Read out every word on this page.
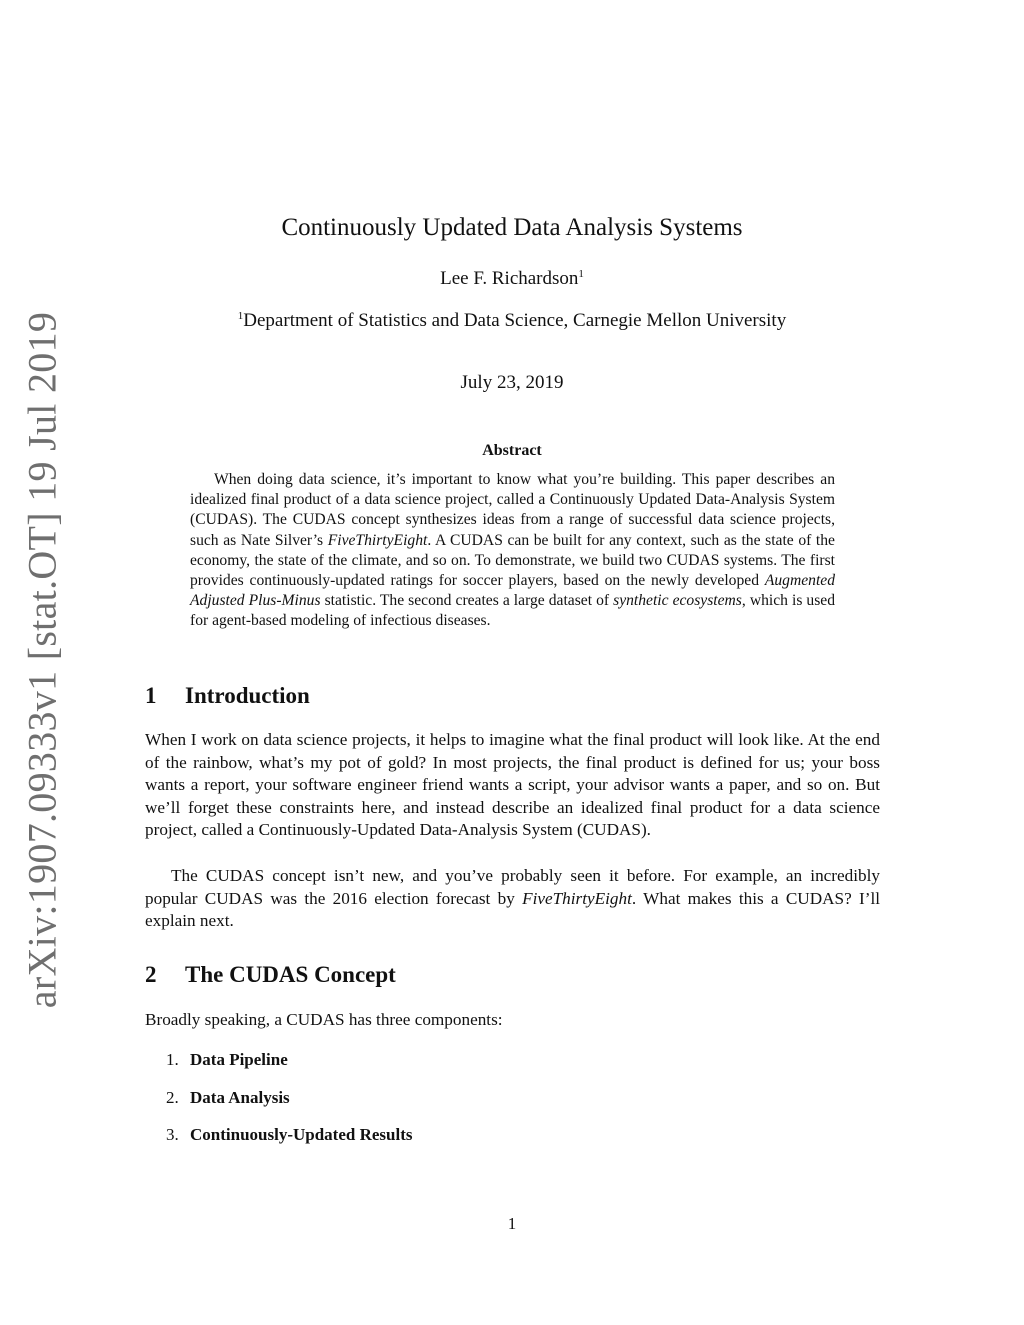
arXiv:1907.09333v1 [stat.OT] 19 Jul 2019
Continuously Updated Data Analysis Systems
Lee F. Richardson$^1$
$^1$Department of Statistics and Data Science, Carnegie Mellon University
July 23, 2019
Abstract
When doing data science, it’s important to know what you’re building. This paper describes an idealized final product of a data science project, called a Continuously Updated Data-Analysis System (CUDAS). The CUDAS concept synthesizes ideas from a range of successful data science projects, such as Nate Silver’s FiveThirtyEight. A CUDAS can be built for any context, such as the state of the economy, the state of the climate, and so on. To demonstrate, we build two CUDAS systems. The first provides continuously-updated ratings for soccer players, based on the newly developed Augmented Adjusted Plus-Minus statistic. The second creates a large dataset of synthetic ecosystems, which is used for agent-based modeling of infectious diseases.
1 Introduction

When I work on data science projects, it helps to imagine what the final product will look like. At the end of the rainbow, what’s my pot of gold? In most projects, the final product is defined for us; your boss wants a report, your software engineer friend wants a script, your advisor wants a paper, and so on. But we’ll forget these constraints here, and instead describe an idealized final product for a data science project, called a Continuously-Updated Data-Analysis System (CUDAS).

The CUDAS concept isn’t new, and you’ve probably seen it before. For example, an incredibly popular CUDAS was the 2016 election forecast by FiveThirtyEight. What makes this a CUDAS? I’ll explain next.

2 The CUDAS Concept

Broadly speaking, a CUDAS has three components:

1. Data Pipeline
2. Data Analysis
3. Continuously-Updated Results
1
